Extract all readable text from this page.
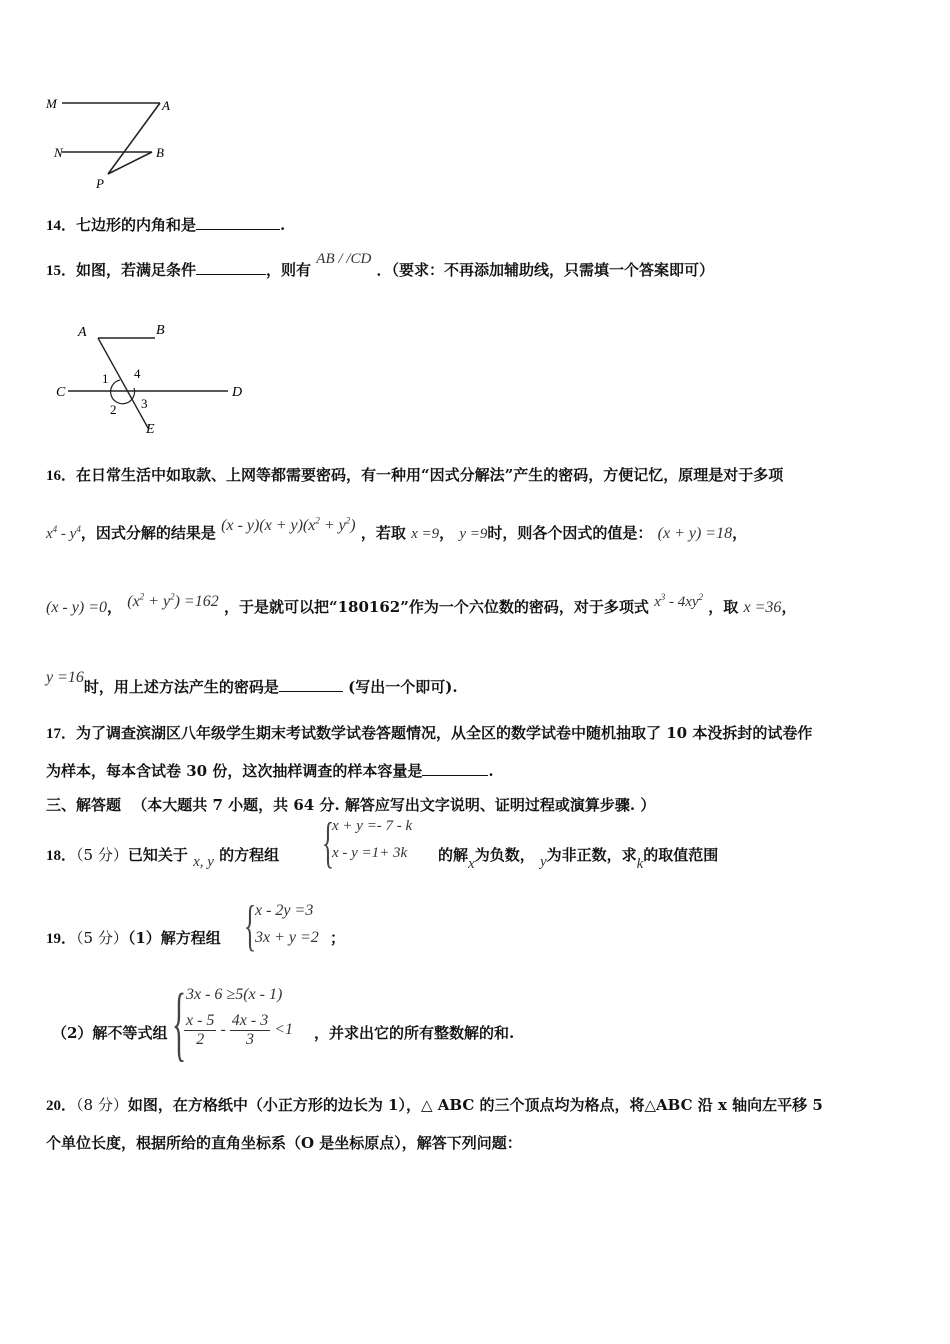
M	A
N	B
P
14．七边形的内角和是	.
15．如图，若满足条件	，则有 AB / /CD ．（要求：不再添加辅助线，只需填一个答案即可）
A	B
C	D
E
1 4
2 3
16．在日常生活中如取款、上网等都需要密码，有一种用“因式分解法”产生的密码，方便记忆，原理是对于多项
$x^4 - y^4$，因式分解的结果是 $(x - y)(x + y)(x^2 + y^2)$ ，若取 x =9， y =9时，则各个因式的值是： (x + y) =18，
(x - y) =0， $(x^2 + y^2) =162$ ，于是就可以把“180162”作为一个六位数的密码，对于多项式 $x^3 - 4xy^2$ ，取 x =36，
y =16时，用上述方法产生的密码是	(写出一个即可).
17．为了调查滨湖区八年级学生期末考试数学试卷答题情况，从全区的数学试卷中随机抽取了 10 本没拆封的试卷作
为样本，每本含试卷 30 份，这次抽样调查的样本容量是	.
三、解答题 （本大题共 7 小题，共 64 分. 解答应写出文字说明、证明过程或演算步骤. ）
18．（5 分）已知关于 x, y 的方程组 {
x + y =- 7 - k
x - y =1+ 3k 的解x为负数， y为非正数，求k的取值范围
19．（5 分）（1）解方程组 {
x - 2y =3
3x + y =2 ；
（2）解不等式组 { 3x - 6 ≥5(x - 1)
$\frac{x - 5}{2} - \frac{4x - 3}{3} <1$ ，并求出它的所有整数解的和.
20．（8 分）如图，在方格纸中（小正方形的边长为 1），△ ABC 的三个顶点均为格点，将△ABC 沿 x 轴向左平移 5
个单位长度，根据所给的直角坐标系（O 是坐标原点），解答下列问题：
